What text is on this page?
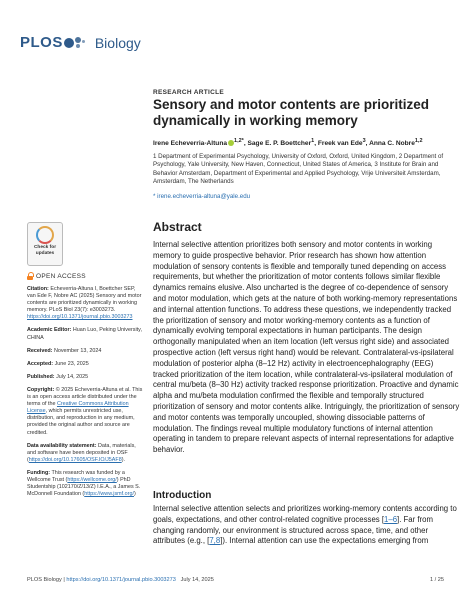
PLOS Biology
RESEARCH ARTICLE
Sensory and motor contents are prioritized dynamically in working memory
Irene Echeverria-Altuna $^{1,2*}$, Sage E. P. Boettcher$^1$, Freek van Ede$^3$, Anna C. Nobre$^{1,2}$
1 Department of Experimental Psychology, University of Oxford, Oxford, United Kingdom, 2 Department of Psychology, Yale University, New Haven, Connecticut, United States of America, 3 Institute for Brain and Behavior Amsterdam, Department of Experimental and Applied Psychology, Vrije Universiteit Amsterdam, Amsterdam, The Netherlands
* irene.echeverria-altuna@yale.edu
Check for
updates
OPEN ACCESS

Citation: Echeverria-Altuna I, Boettcher SEP, van Ede F, Nobre AC (2025) Sensory and motor contents are prioritized dynamically in working memory. PLoS Biol 23(7): e3003273. https://doi.org/10.1371/journal.pbio.3003273

Academic Editor: Huan Luo, Peking University, CHINA

Received: November 13, 2024

Accepted: June 23, 2025

Published: July 14, 2025

Copyright: © 2025 Echeverria-Altuna et al. This is an open access article distributed under the terms of the Creative Commons Attribution License, which permits unrestricted use, distribution, and reproduction in any medium, provided the original author and source are credited.

Data availability statement: Data, materials, and software have been deposited in OSF (https://doi.org/10.17605/OSF.IO/J5AF8).

Funding: This research was funded by a Wellcome Trust (https://wellcome.org/) PhD Studentship (102170/Z/13/Z) I.E.A., a James S. McDonnell Foundation (https://www.jsmf.org/)

Abstract

Internal selective attention prioritizes both sensory and motor contents in working memory to guide prospective behavior. Prior research has shown how attention modulation of sensory contents is flexible and temporally tuned depending on access requirements, but whether the prioritization of motor contents follows similar flexible dynamics remains elusive. Also uncharted is the degree of co-dependence of sensory and motor modulation, which gets at the nature of both working-memory representations and internal attention functions. To address these questions, we independently tracked the prioritization of sensory and motor working-memory contents as a function of dynamically evolving temporal expectations in human participants. The design orthogonally manipulated when an item location (left versus right side) and associated prospective action (left versus right hand) would be relevant. Contralateral-vs-ipsilateral modulation of posterior alpha (8–12 Hz) activity in electroencephalography (EEG) tracked prioritization of the item location, while contralateral-vs-ipsilateral modulation of central mu/beta (8–30 Hz) activity tracked response prioritization. Proactive and dynamic alpha and mu/beta modulation confirmed the flexible and temporally structured prioritization of sensory and motor contents alike. Intriguingly, the prioritization of sensory and motor contents was temporally uncoupled, showing dissociable patterns of modulation. The findings reveal multiple modulatory functions of internal attention operating in tandem to prepare relevant aspects of internal representations for adaptive behavior.

Introduction

Internal selective attention selects and prioritizes working-memory contents according to goals, expectations, and other control-related cognitive processes [1–6]. Far from changing randomly, our environment is structured across space, time, and other attributes (e.g., [7,8]). Internal attention can use the expectations emerging from

PLOS Biology | https://doi.org/10.1371/journal.pbio.3003273 July 14, 2025	1 / 25
